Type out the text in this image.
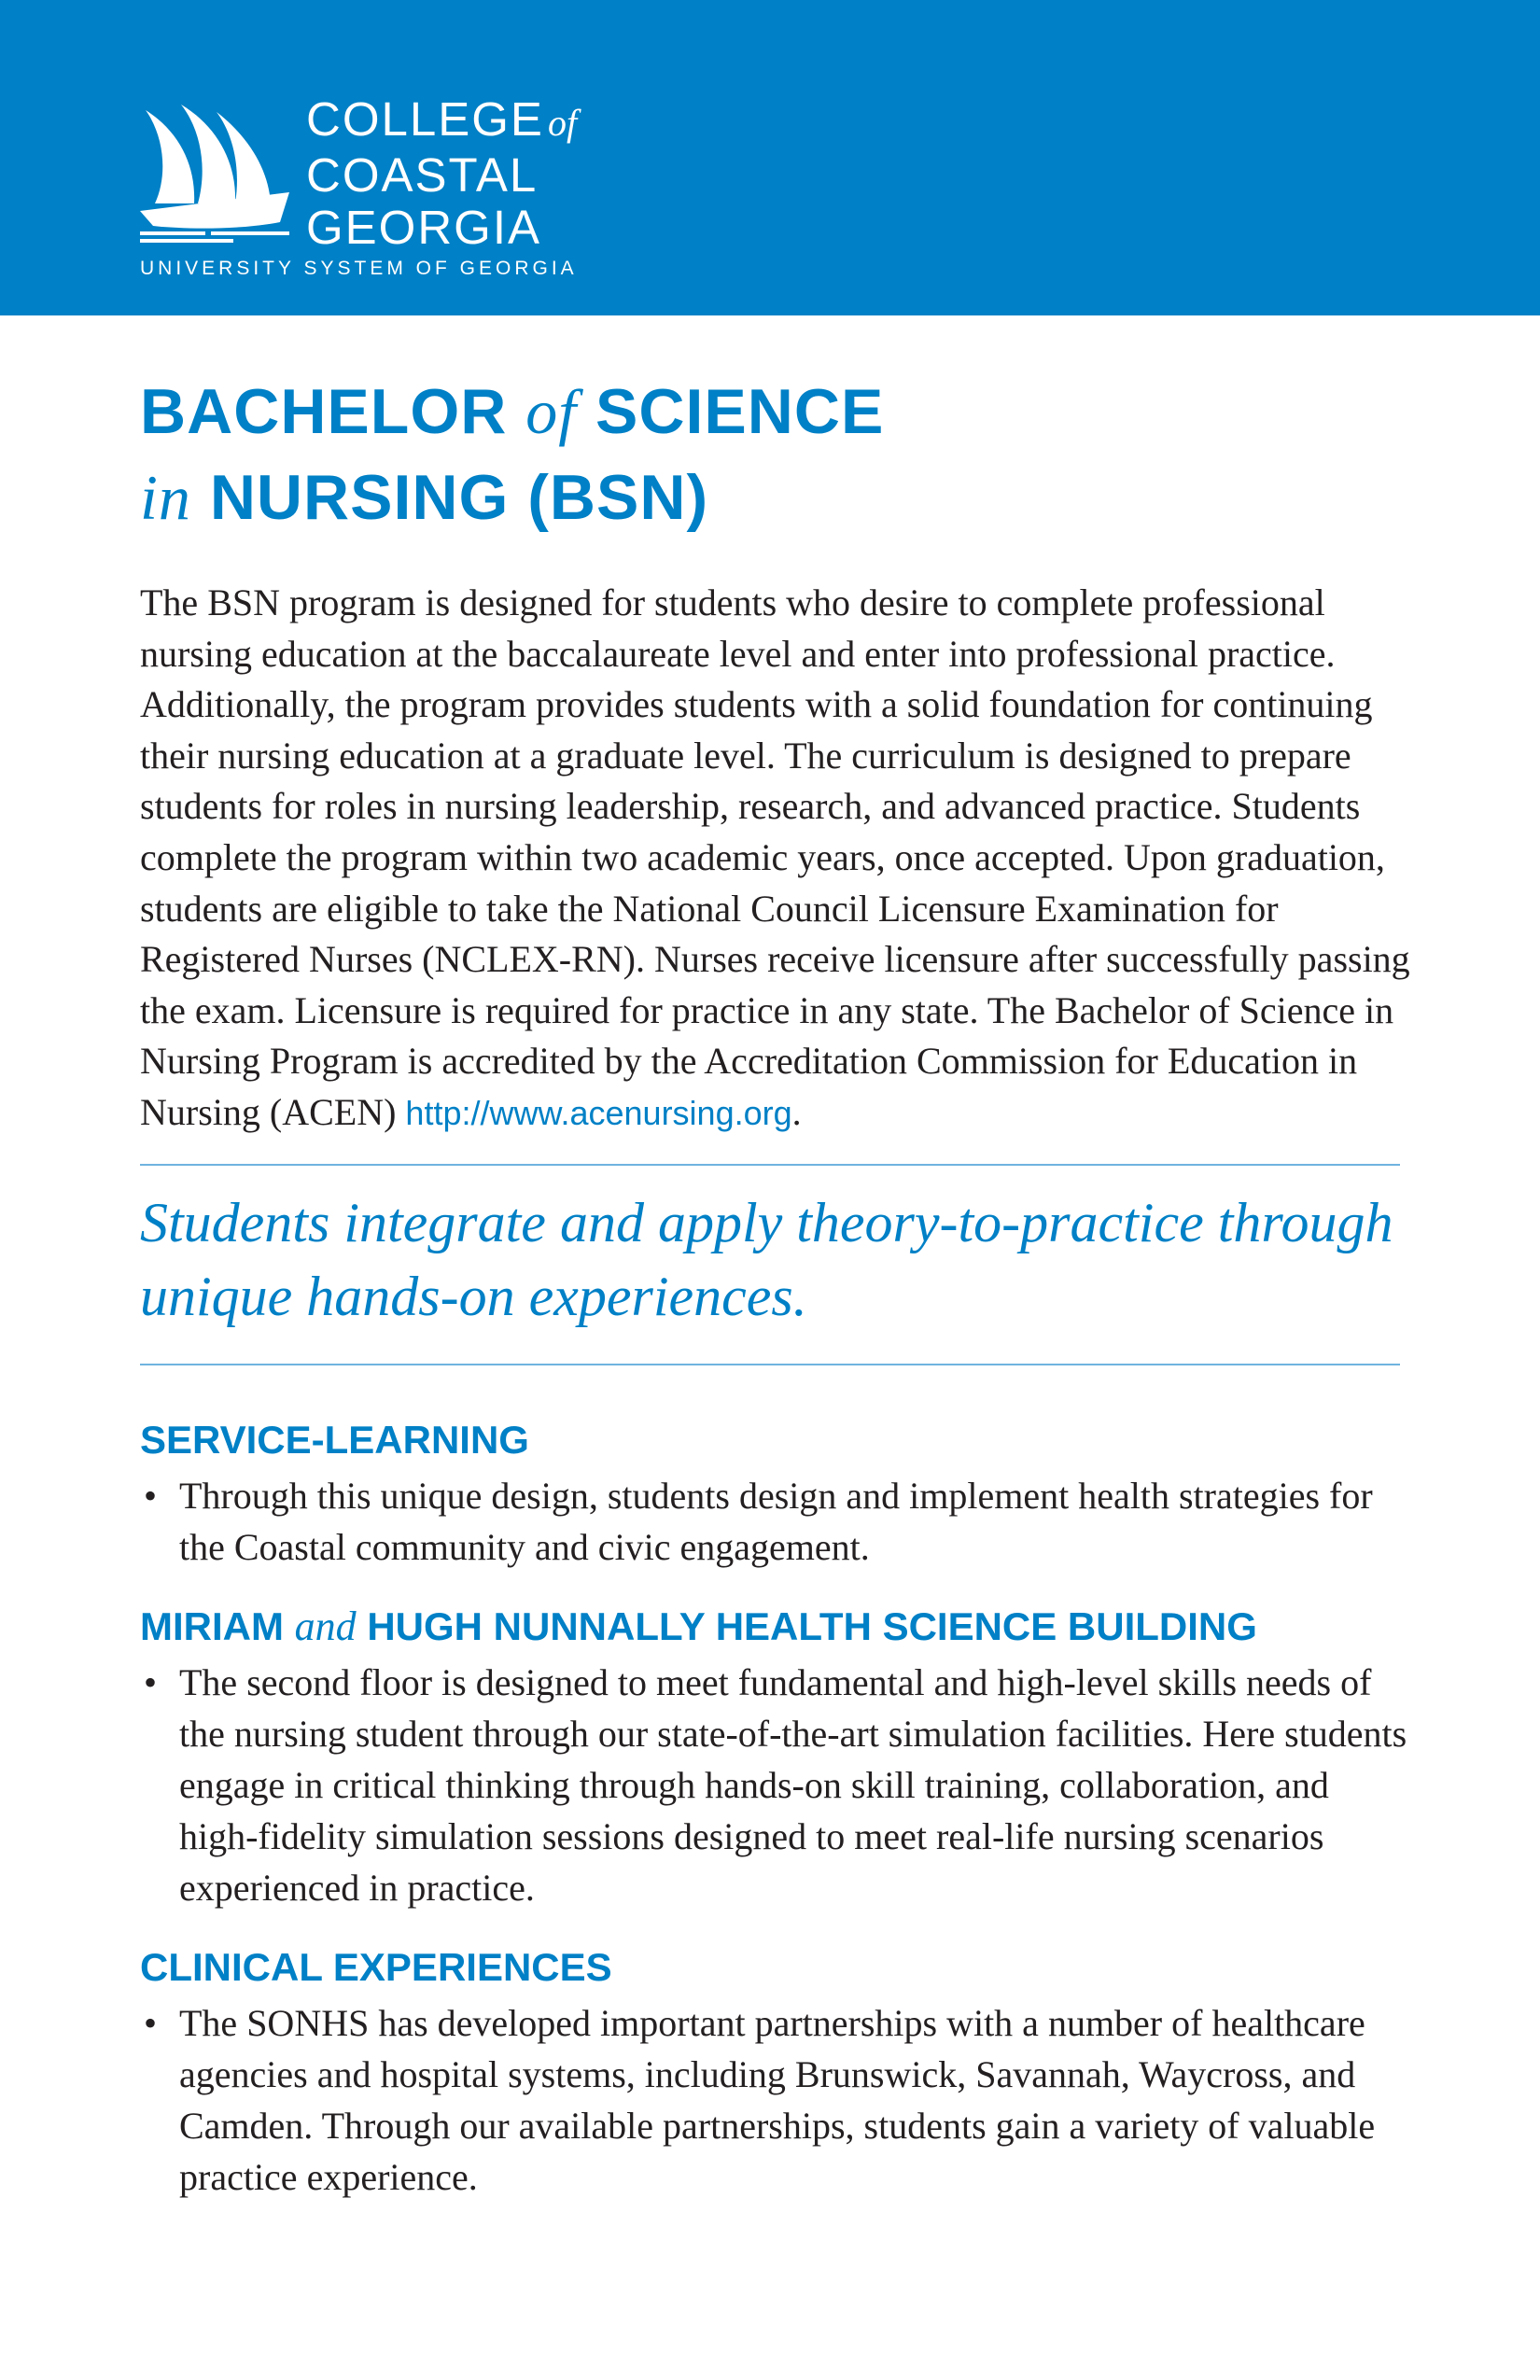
COLLEGE of
COASTAL
GEORGIA
UNIVERSITY SYSTEM OF GEORGIA
BACHELOR of SCIENCE
in NURSING (BSN)

The BSN program is designed for students who desire to complete professional nursing education at the baccalaureate level and enter into professional practice. Additionally, the program provides students with a solid foundation for continuing their nursing education at a graduate level. The curriculum is designed to prepare students for roles in nursing leadership, research, and advanced practice. Students complete the program within two academic years, once accepted. Upon graduation, students are eligible to take the National Council Licensure Examination for Registered Nurses (NCLEX-RN). Nurses receive licensure after successfully passing the exam. Licensure is required for practice in any state. The Bachelor of Science in Nursing Program is accredited by the Accreditation Commission for Education in Nursing (ACEN) http://www.acenursing.org.

Students integrate and apply theory-to-practice through unique hands-on experiences.

SERVICE-LEARNING
• Through this unique design, students design and implement health strategies for the Coastal community and civic engagement.
MIRIAM and HUGH NUNNALLY HEALTH SCIENCE BUILDING
• The second floor is designed to meet fundamental and high-level skills needs of the nursing student through our state-of-the-art simulation facilities. Here students engage in critical thinking through hands-on skill training, collaboration, and high-fidelity simulation sessions designed to meet real-life nursing scenarios experienced in practice.
CLINICAL EXPERIENCES
• The SONHS has developed important partnerships with a number of healthcare agencies and hospital systems, including Brunswick, Savannah, Waycross, and Camden. Through our available partnerships, students gain a variety of valuable practice experience.
